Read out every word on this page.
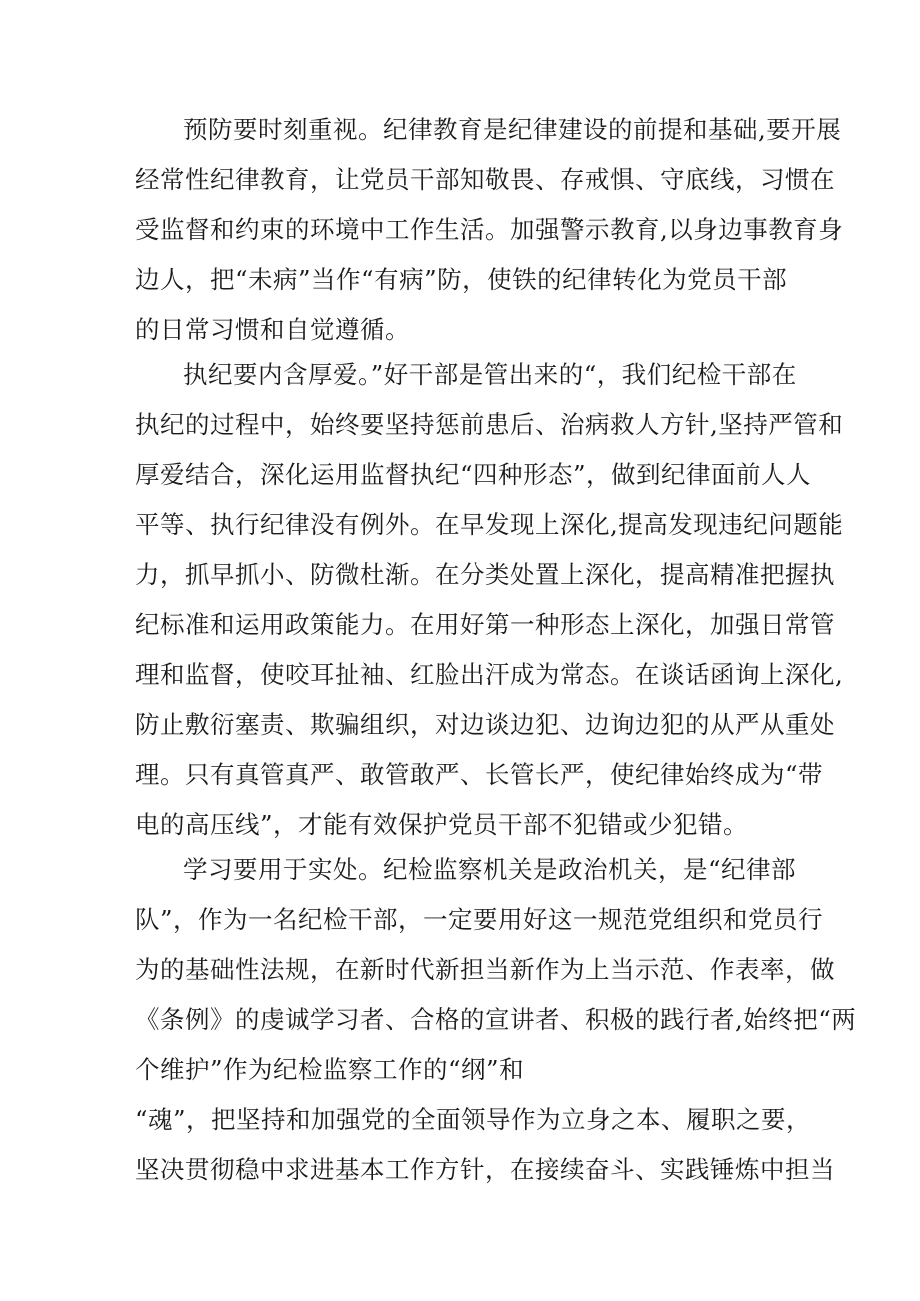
预防要时刻重视。纪律教育是纪律建设的前提和基础,要开展
经常性纪律教育，让党员干部知敬畏、存戒惧、守底线，习惯在
受监督和约束的环境中工作生活。加强警示教育,以身边事教育身
边人，把“未病”当作“有病”防，使铁的纪律转化为党员干部
的日常习惯和自觉遵循。
执纪要内含厚爱。”好干部是管出来的“，我们纪检干部在
执纪的过程中，始终要坚持惩前患后、治病救人方针,坚持严管和
厚爱结合，深化运用监督执纪“四种形态”，做到纪律面前人人
平等、执行纪律没有例外。在早发现上深化,提高发现违纪问题能
力，抓早抓小、防微杜渐。在分类处置上深化，提高精准把握执
纪标准和运用政策能力。在用好第一种形态上深化，加强日常管
理和监督，使咬耳扯袖、红脸出汗成为常态。在谈话函询上深化,
防止敷衍塞责、欺骗组织，对边谈边犯、边询边犯的从严从重处
理。只有真管真严、敢管敢严、长管长严，使纪律始终成为“带
电的高压线”，才能有效保护党员干部不犯错或少犯错。
学习要用于实处。纪检监察机关是政治机关，是“纪律部
队”，作为一名纪检干部，一定要用好这一规范党组织和党员行
为的基础性法规，在新时代新担当新作为上当示范、作表率，做
《条例》的虔诚学习者、合格的宣讲者、积极的践行者,始终把“两
个维护”作为纪检监察工作的“纲”和
“魂”，把坚持和加强党的全面领导作为立身之本、履职之要，
坚决贯彻稳中求进基本工作方针，在接续奋斗、实践锤炼中担当
